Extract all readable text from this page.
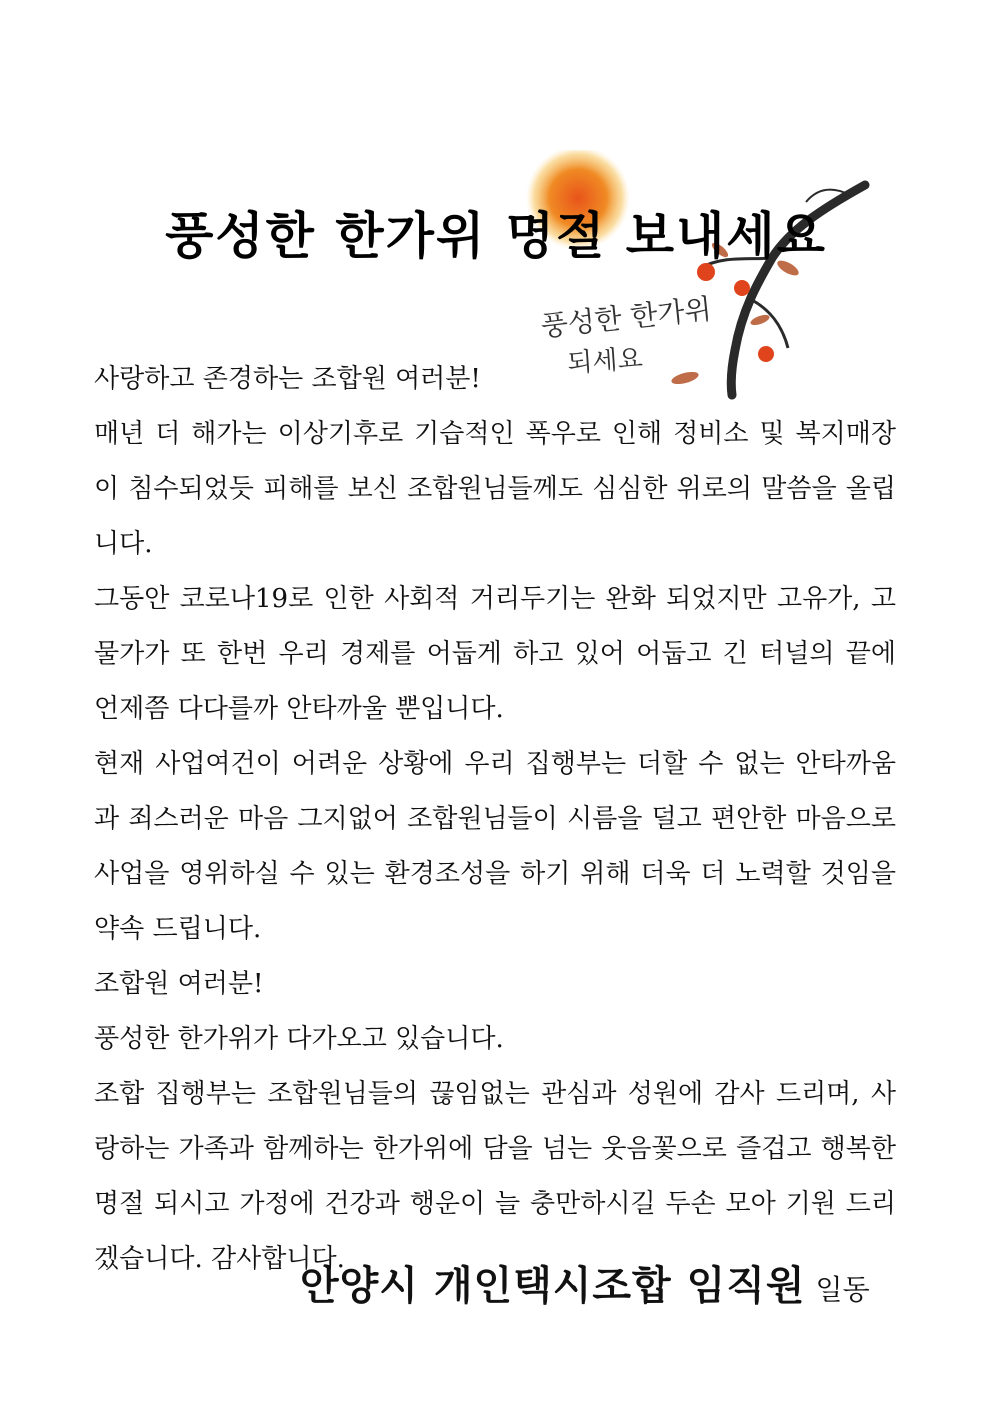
풍성한 한가위
되세요
풍성한 한가위 명절 보내세요

사랑하고 존경하는 조합원 여러분!

매년 더 해가는 이상기후로 기습적인 폭우로 인해 정비소 및 복지매장이 침수되었듯 피해를 보신 조합원님들께도 심심한 위로의 말씀을 올립니다.

그동안 코로나19로 인한 사회적 거리두기는 완화 되었지만 고유가, 고물가가 또 한번 우리 경제를 어둡게 하고 있어 어둡고 긴 터널의 끝에 언제쯤 다다를까 안타까울 뿐입니다.

현재 사업여건이 어려운 상황에 우리 집행부는 더할 수 없는 안타까움과 죄스러운 마음 그지없어 조합원님들이 시름을 덜고 편안한 마음으로 사업을 영위하실 수 있는 환경조성을 하기 위해 더욱 더 노력할 것임을 약속 드립니다.

조합원 여러분!

풍성한 한가위가 다가오고 있습니다.

조합 집행부는 조합원님들의 끊임없는 관심과 성원에 감사 드리며, 사랑하는 가족과 함께하는 한가위에 담을 넘는 웃음꽃으로 즐겁고 행복한 명절 되시고 가정에 건강과 행운이 늘 충만하시길 두손 모아 기원 드리겠습니다. 감사합니다.

안양시 개인택시조합 임직원 일동
